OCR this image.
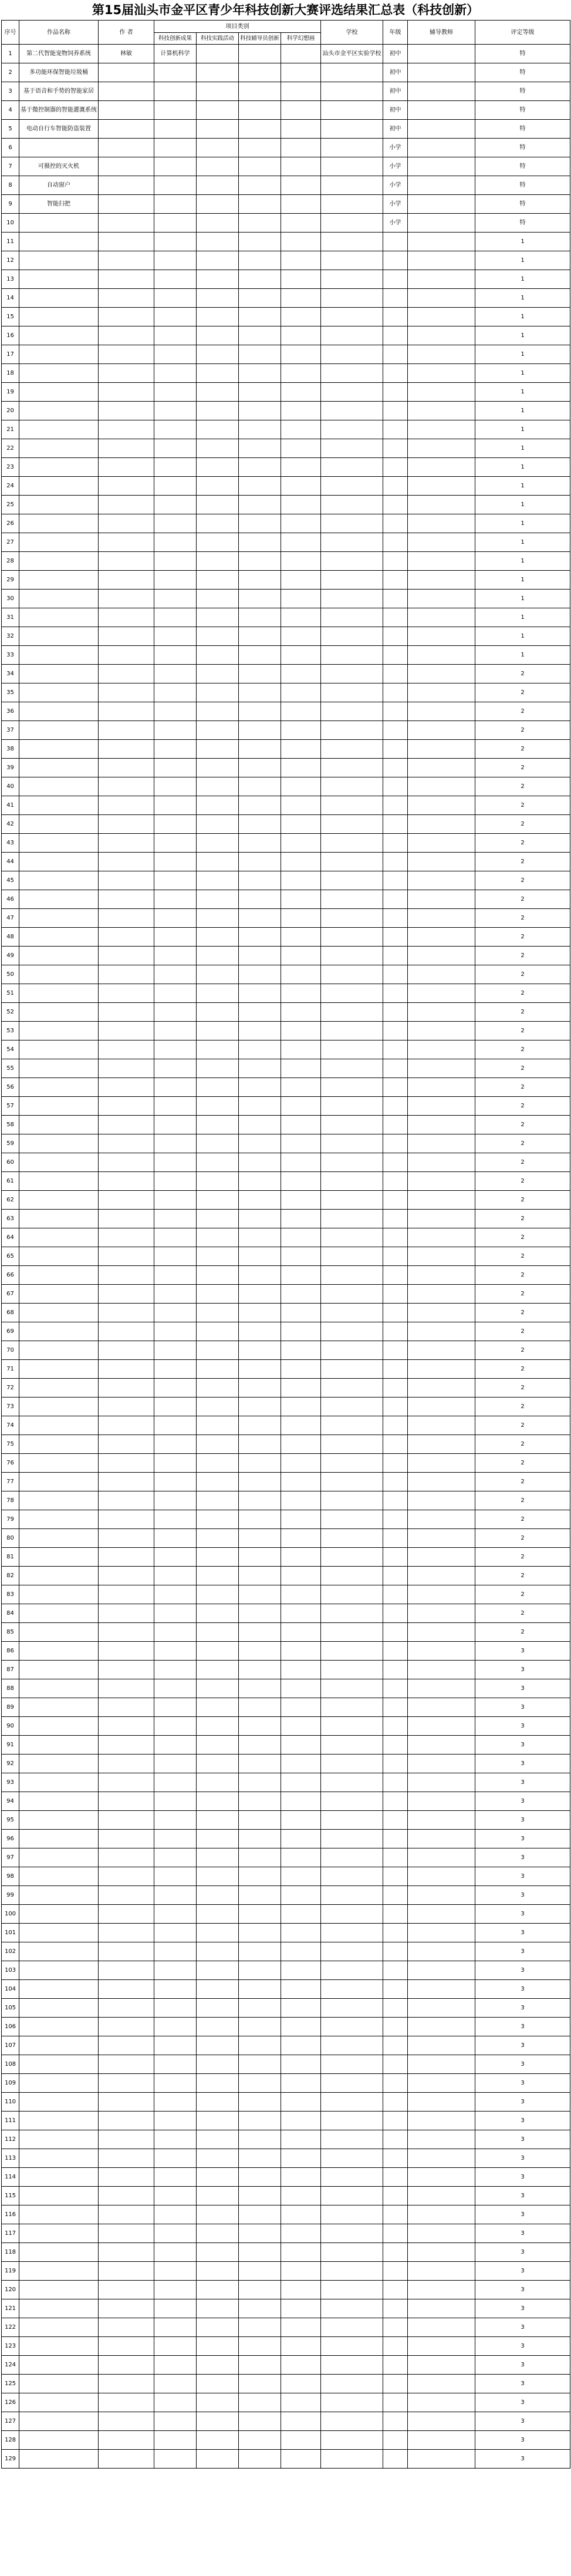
第15届汕头市金平区青少年科技创新大赛评选结果汇总表（科技创新）
序号	作品名称	作 者	项目类别				学校	年级	辅导教师	评定等级
			科技创新成果	科技实践活动	科技辅导员创新	科学幻想画				
1	第二代智能宠物饲养系统	林敏	计算机科学				汕头市金平区实验学校	初中		特
2	多功能环保智能垃圾桶							初中		特
3	基于语音和手势的智能家居							初中		特
4	基于微控制器的智能灌溉系统							初中		特
5	电动自行车智能防盗装置							初中		特
6								小学		特
7	可摄控的灭火机							小学		特
8	自动窗户							小学		特
9	智能扫把							小学		特
10								小学		特
11										1
12										1
13										1
14										1
15										1
16										1
17										1
18										1
19										1
20										1
21										1
22										1
23										1
24										1
25										1
26										1
27										1
28										1
29										1
30										1
31										1
32										1
33										1
34										2
35										2
36										2
37										2
38										2
39										2
40										2
41										2
42										2
43										2
44										2
45										2
46										2
47										2
48										2
49										2
50										2
51										2
52										2
53										2
54										2
55										2
56										2
57										2
58										2
59										2
60										2
61										2
62										2
63										2
64										2
65										2
66										2
67										2
68										2
69										2
70										2
71										2
72										2
73										2
74										2
75										2
76										2
77										2
78										2
79										2
80										2
81										2
82										2
83										2
84										2
85										2
86										3
87										3
88										3
89										3
90										3
91										3
92										3
93										3
94										3
95										3
96										3
97										3
98										3
99										3
100										3
101										3
102										3
103										3
104										3
105										3
106										3
107										3
108										3
109										3
110										3
111										3
112										3
113										3
114										3
115										3
116										3
117										3
118										3
119										3
120										3
121										3
122										3
123										3
124										3
125										3
126										3
127										3
128										3
129										3
